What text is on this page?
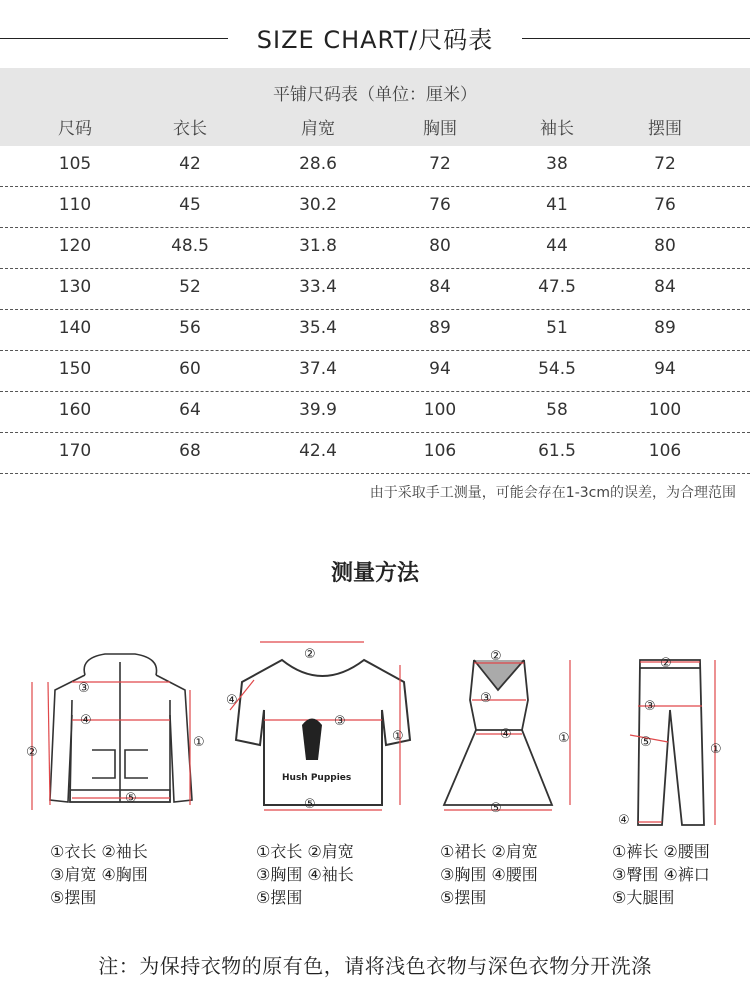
SIZE CHART/尺码表
平铺尺码表（单位：厘米）
尺码	衣长	肩宽	胸围	袖长	摆围
105	42	28.6	72	38	72
110	45	30.2	76	41	76
120	48.5	31.8	80	44	80
130	52	33.4	84	47.5	84
140	56	35.4	89	51	89
150	60	37.4	94	54.5	94
160	64	39.9	100	58	100
170	68	42.4	106	61.5	106
由于采取手工测量，可能会存在1-3cm的误差，为合理范围
测量方法
①
②
③
④
⑤
①衣长 ②袖长
③肩宽 ④胸围
⑤摆围
①
②
③
④
⑤
Hush Puppies
①衣长 ②肩宽
③胸围 ④袖长
⑤摆围
①
②
③
④
⑤
①裙长 ②肩宽
③胸围 ④腰围
⑤摆围
①
②
③
④
⑤
①裤长 ②腰围
③臀围 ④裤口
⑤大腿围
注：为保持衣物的原有色，请将浅色衣物与深色衣物分开洗涤
